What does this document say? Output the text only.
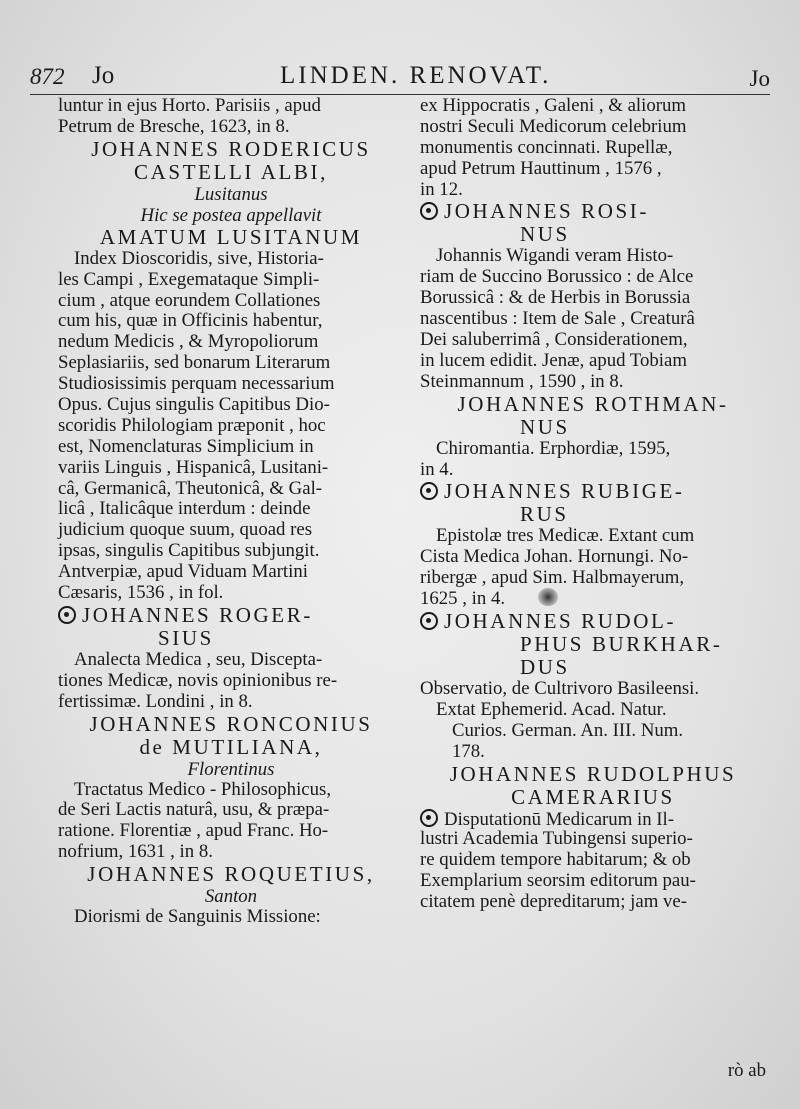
872 Jo	LINDEN. RENOVAT.	Jo
luntur in ejus Horto. Parisiis , apud
Petrum de Bresche, 1623, in 8.
JOHANNES RODERICUS
CASTELLI ALBI,
Lusitanus
Hic se postea appellavit
AMATUM LUSITANUM
Index Dioscoridis, sive, Historia-
les Campi , Exegemataque Simpli-
cium , atque eorundem Collationes
cum his, quæ in Officinis habentur,
nedum Medicis , & Myropoliorum
Seplasiariis, sed bonarum Literarum
Studiosissimis perquam necessarium
Opus. Cujus singulis Capitibus Dio-
scoridis Philologiam præponit , hoc
est, Nomenclaturas Simplicium in
variis Linguis , Hispanicâ, Lusitani-
câ, Germanicâ, Theutonicâ, & Gal-
licâ , Italicâque interdum : deinde
judicium quoque suum, quoad res
ipsas, singulis Capitibus subjungit.
Antverpiæ, apud Viduam Martini
Cæsaris, 1536 , in fol.
JOHANNES ROGER-
SIUS
Analecta Medica , seu, Discepta-
tiones Medicæ, novis opinionibus re-
fertissimæ. Londini , in 8.
JOHANNES RONCONIUS
de MUTILIANA,
Florentinus
Tractatus Medico - Philosophicus,
de Seri Lactis naturâ, usu, & præpa-
ratione. Florentiæ , apud Franc. Ho-
nofrium, 1631 , in 8.
JOHANNES ROQUETIUS,
Santon
Diorismi de Sanguinis Missione:
ex Hippocratis , Galeni , & aliorum
nostri Seculi Medicorum celebrium
monumentis concinnati. Rupellæ,
apud Petrum Hauttinum , 1576 ,
in 12.
JOHANNES ROSI-
NUS
Johannis Wigandi veram Histo-
riam de Succino Borussico : de Alce
Borussicâ : & de Herbis in Borussia
nascentibus : Item de Sale , Creaturâ
Dei saluberrimâ , Considerationem,
in lucem edidit. Jenæ, apud Tobiam
Steinmannum , 1590 , in 8.
JOHANNES ROTHMAN-
NUS
Chiromantia. Erphordiæ, 1595,
in 4.
JOHANNES RUBIGE-
RUS
Epistolæ tres Medicæ. Extant cum
Cista Medica Johan. Hornungi. No-
ribergæ , apud Sim. Halbmayerum,
1625 , in 4.
JOHANNES RUDOL-
PHUS BURKHAR-
DUS
Observatio, de Cultrivoro Basileensi.
Extat Ephemerid. Acad. Natur.
Curios. German. An. III. Num.
178.
JOHANNES RUDOLPHUS
CAMERARIUS
Disputationū Medicarum in Il-
lustri Academia Tubingensi superio-
re quidem tempore habitarum; & ob
Exemplarium seorsim editorum pau-
citatem penè depreditarum; jam ve-
rò ab
